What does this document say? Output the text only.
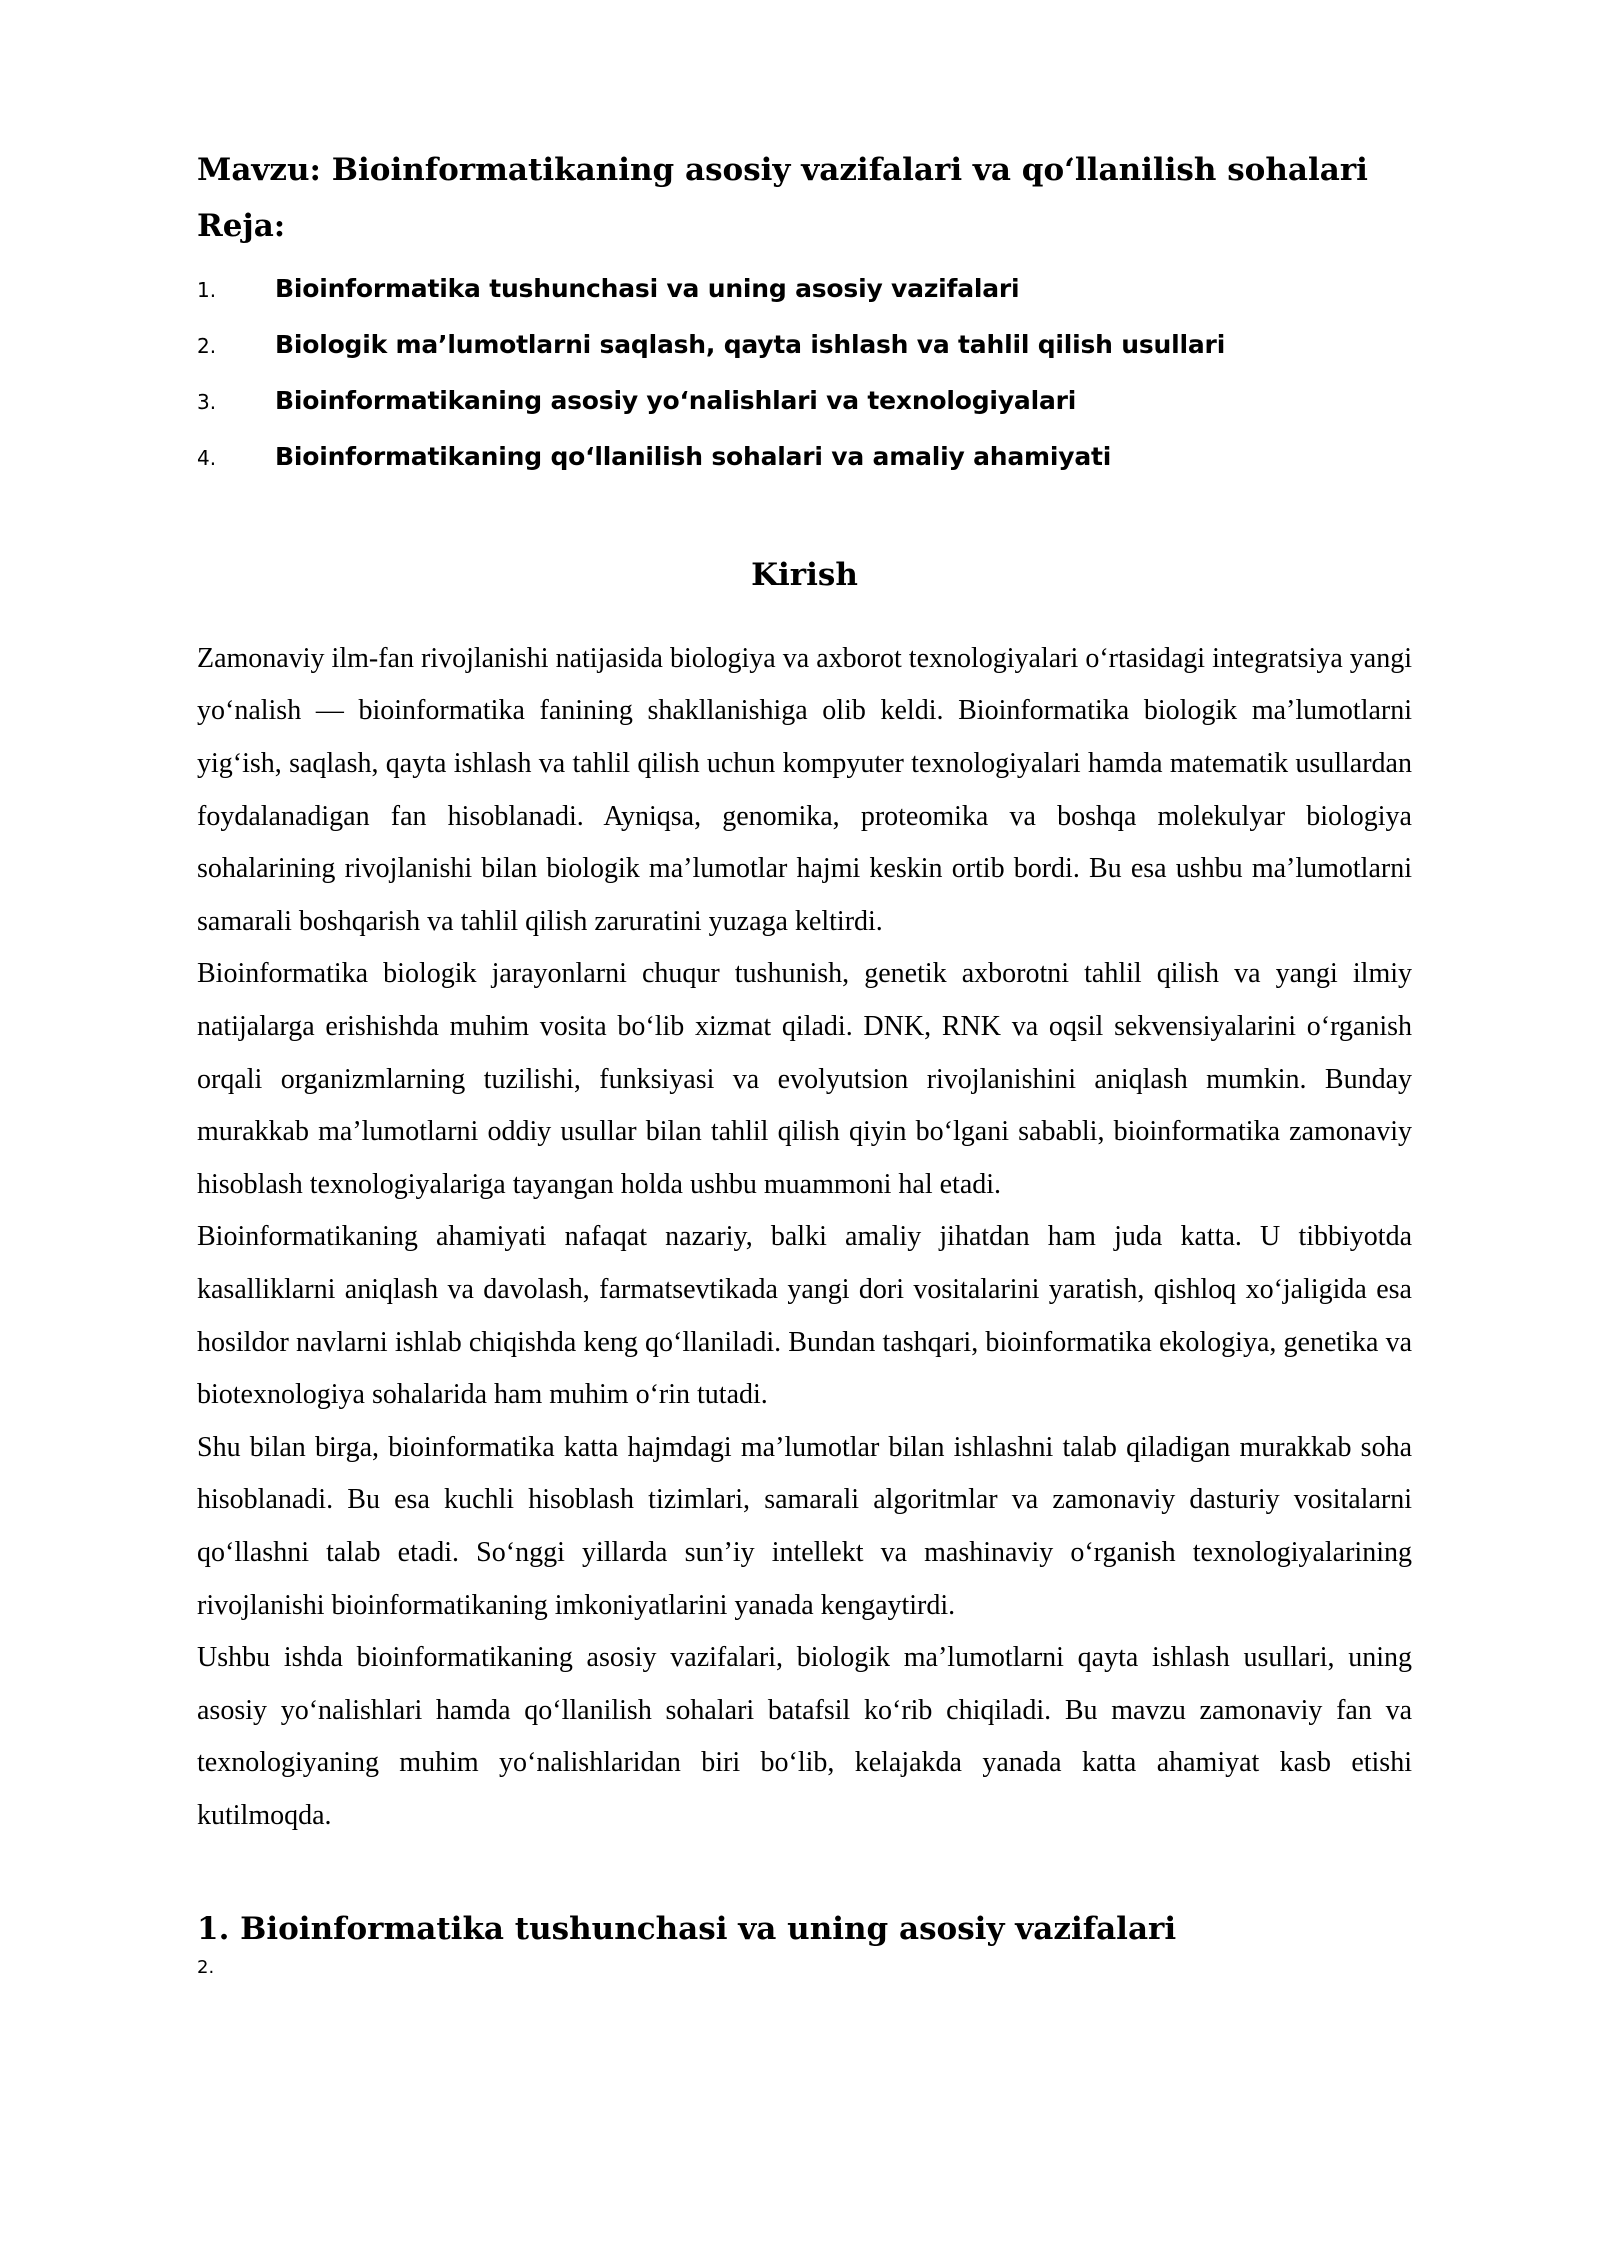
Mavzu: Bioinformatikaning asosiy vazifalari va qo‘llanilish sohalari
Reja:
1.	Bioinformatika tushunchasi va uning asosiy vazifalari
2.	Biologik ma’lumotlarni saqlash, qayta ishlash va tahlil qilish usullari
3.	Bioinformatikaning asosiy yo‘nalishlari va texnologiyalari
4.	Bioinformatikaning qo‘llanilish sohalari va amaliy ahamiyati
Kirish

Zamonaviy ilm-fan rivojlanishi natijasida biologiya va axborot texnologiyalari o‘rtasidagi integratsiya yangi yo‘nalish — bioinformatika fanining shakllanishiga olib keldi. Bioinformatika biologik ma’lumotlarni yig‘ish, saqlash, qayta ishlash va tahlil qilish uchun kompyuter texnologiyalari hamda matematik usullardan foydalanadigan fan hisoblanadi. Ayniqsa, genomika, proteomika va boshqa molekulyar biologiya sohalarining rivojlanishi bilan biologik ma’lumotlar hajmi keskin ortib bordi. Bu esa ushbu ma’lumotlarni samarali boshqarish va tahlil qilish zaruratini yuzaga keltirdi.

Bioinformatika biologik jarayonlarni chuqur tushunish, genetik axborotni tahlil qilish va yangi ilmiy natijalarga erishishda muhim vosita bo‘lib xizmat qiladi. DNK, RNK va oqsil sekvensiyalarini o‘rganish orqali organizmlarning tuzilishi, funksiyasi va evolyutsion rivojlanishini aniqlash mumkin. Bunday murakkab ma’lumotlarni oddiy usullar bilan tahlil qilish qiyin bo‘lgani sababli, bioinformatika zamonaviy hisoblash texnologiyalariga tayangan holda ushbu muammoni hal etadi.

Bioinformatikaning ahamiyati nafaqat nazariy, balki amaliy jihatdan ham juda katta. U tibbiyotda kasalliklarni aniqlash va davolash, farmatsevtikada yangi dori vositalarini yaratish, qishloq xo‘jaligida esa hosildor navlarni ishlab chiqishda keng qo‘llaniladi. Bundan tashqari, bioinformatika ekologiya, genetika va biotexnologiya sohalarida ham muhim o‘rin tutadi.

Shu bilan birga, bioinformatika katta hajmdagi ma’lumotlar bilan ishlashni talab qiladigan murakkab soha hisoblanadi. Bu esa kuchli hisoblash tizimlari, samarali algoritmlar va zamonaviy dasturiy vositalarni qo‘llashni talab etadi. So‘nggi yillarda sun’iy intellekt va mashinaviy o‘rganish texnologiyalarining rivojlanishi bioinformatikaning imkoniyatlarini yanada kengaytirdi.

Ushbu ishda bioinformatikaning asosiy vazifalari, biologik ma’lumotlarni qayta ishlash usullari, uning asosiy yo‘nalishlari hamda qo‘llanilish sohalari batafsil ko‘rib chiqiladi. Bu mavzu zamonaviy fan va texnologiyaning muhim yo‘nalishlaridan biri bo‘lib, kelajakda yanada katta ahamiyat kasb etishi kutilmoqda.

1. Bioinformatika tushunchasi va uning asosiy vazifalari
2.
